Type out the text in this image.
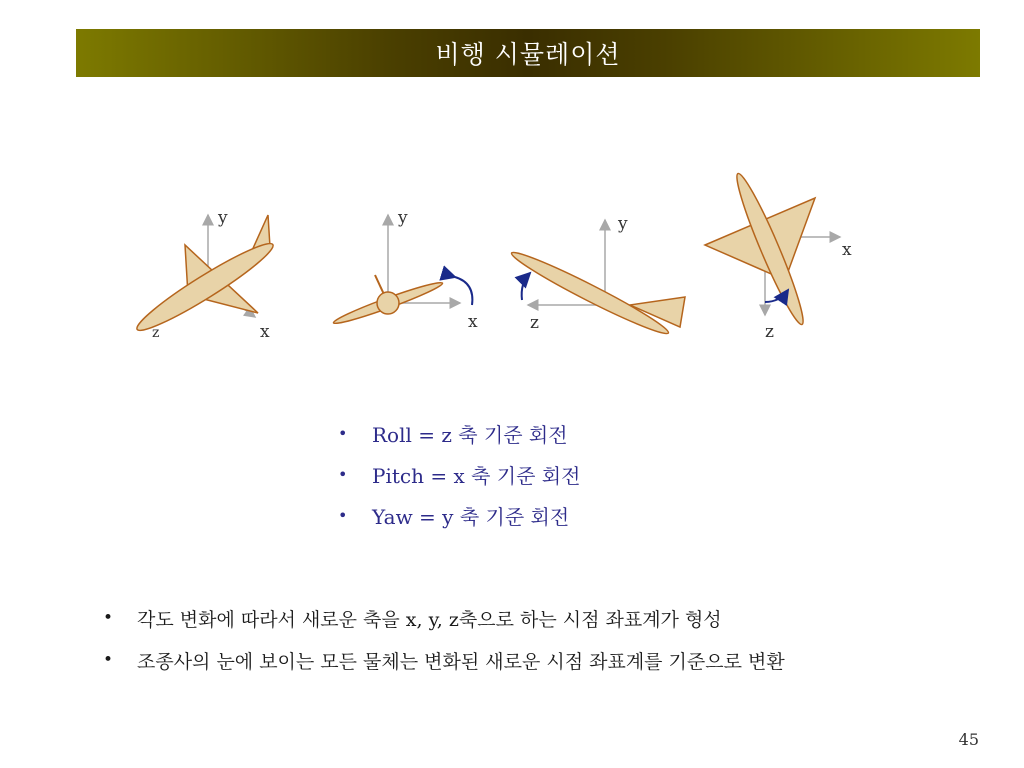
비행 시뮬레이션
y
z	x
y
x
y
z
x
z
•	Roll = z 축 기준 회전
•	Pitch = x 축 기준 회전
•	Yaw = y 축 기준 회전
•	각도 변화에 따라서 새로운 축을 x, y, z축으로 하는 시점 좌표계가 형성
•	조종사의 눈에 보이는 모든 물체는 변화된 새로운 시점 좌표계를 기준으로 변환
45
